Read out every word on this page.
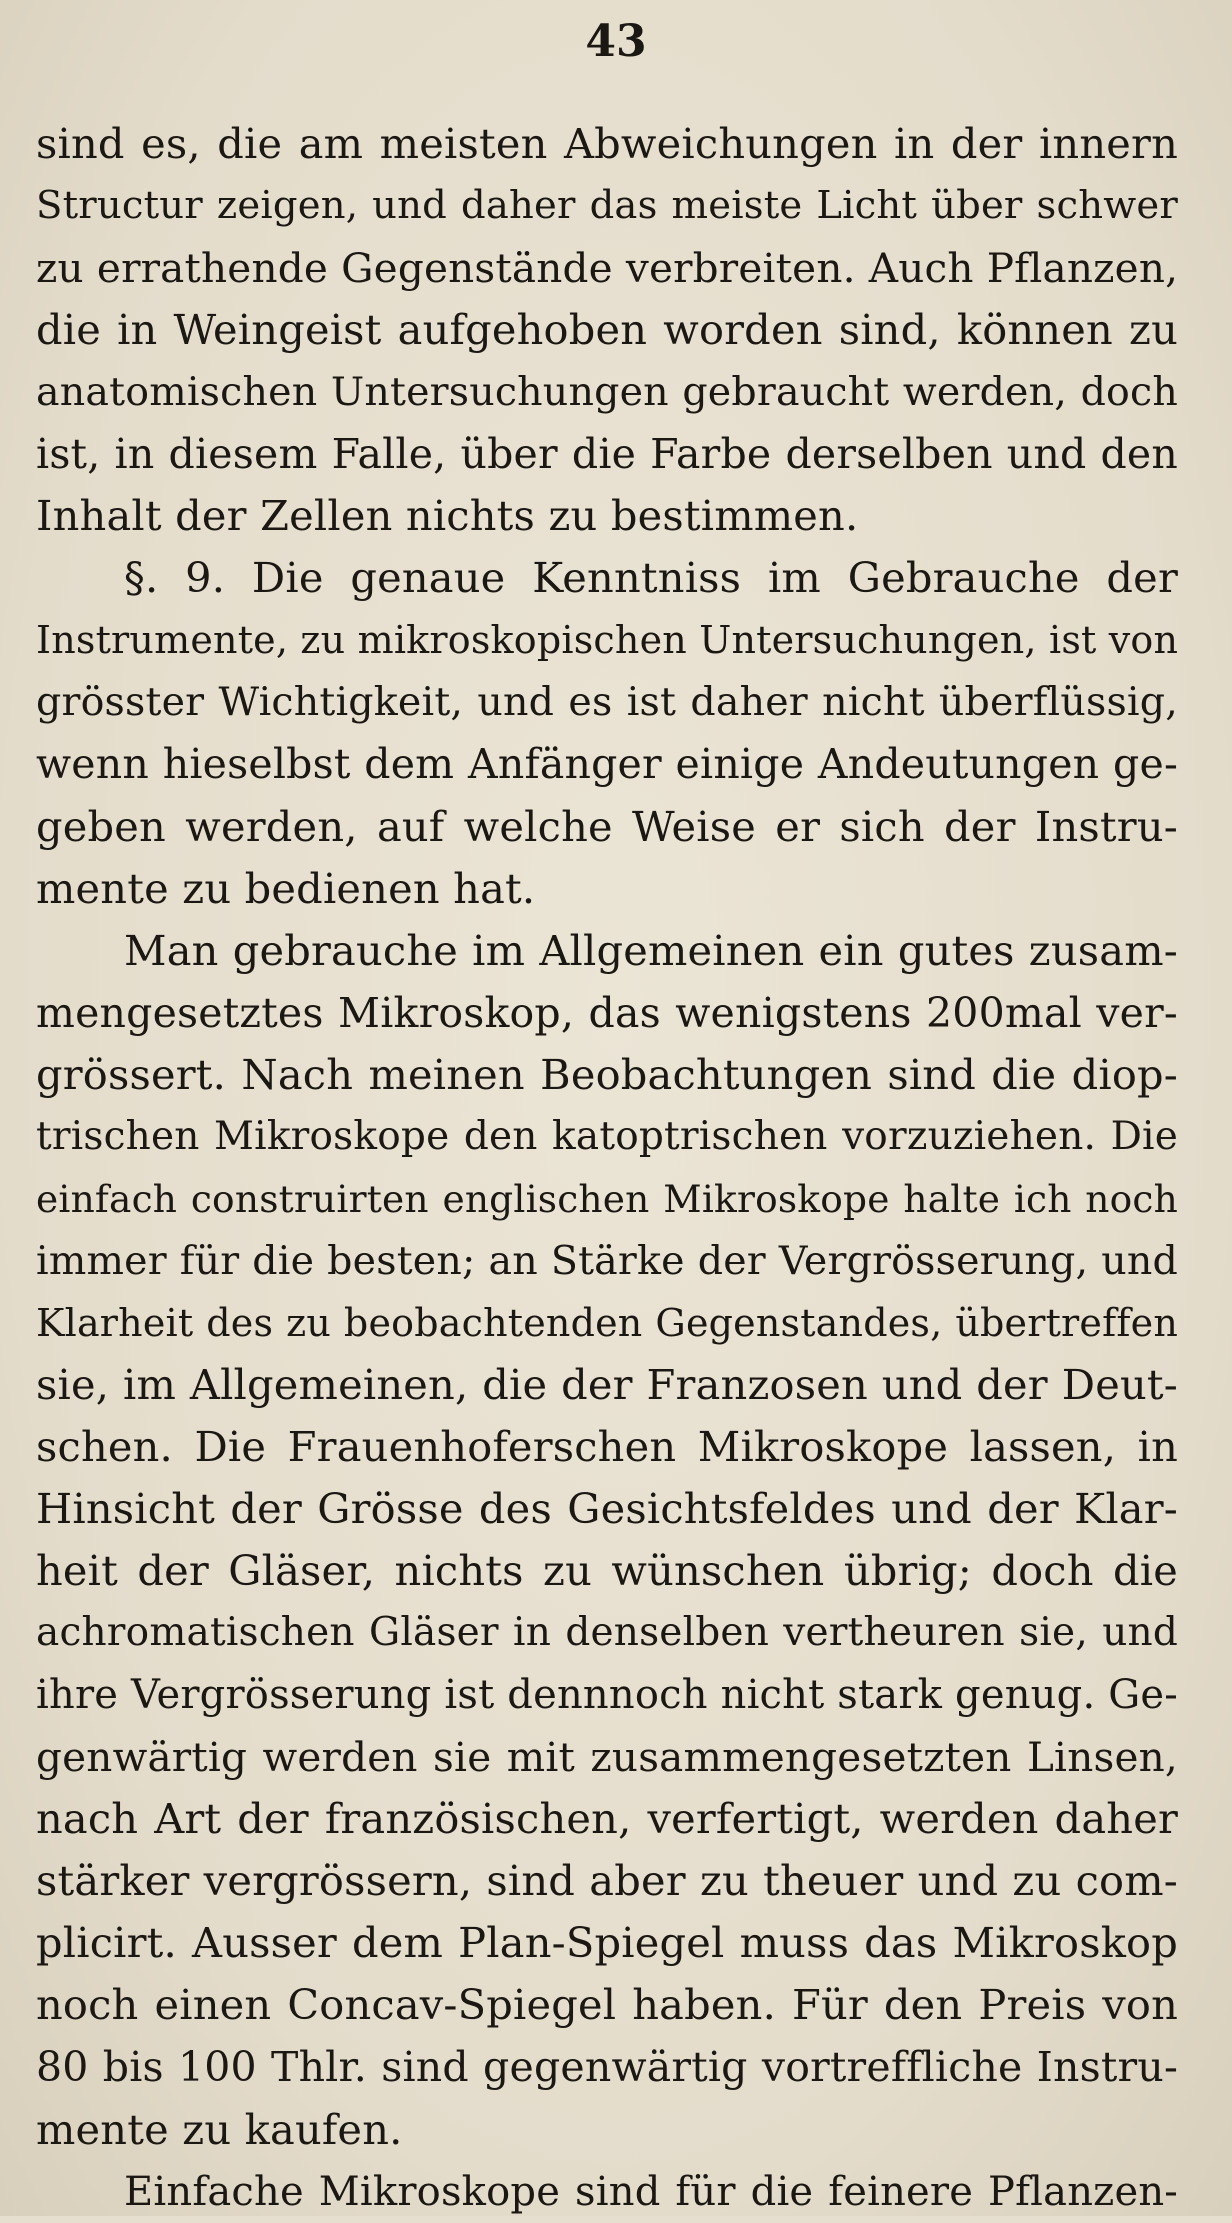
43
sind es, die am meisten Abweichungen in der innern
Structur zeigen, und daher das meiste Licht über schwer
zu errathende Gegenstände verbreiten. Auch Pflanzen,
die in Weingeist aufgehoben worden sind, können zu
anatomischen Untersuchungen gebraucht werden, doch
ist, in diesem Falle, über die Farbe derselben und den
Inhalt der Zellen nichts zu bestimmen.
§. 9. Die genaue Kenntniss im Gebrauche der
Instrumente, zu mikroskopischen Untersuchungen, ist von
grösster Wichtigkeit, und es ist daher nicht überflüssig,
wenn hieselbst dem Anfänger einige Andeutungen ge-
geben werden, auf welche Weise er sich der Instru-
mente zu bedienen hat.
Man gebrauche im Allgemeinen ein gutes zusam-
mengesetztes Mikroskop, das wenigstens 200mal ver-
grössert. Nach meinen Beobachtungen sind die diop-
trischen Mikroskope den katoptrischen vorzuziehen. Die
einfach construirten englischen Mikroskope halte ich noch
immer für die besten; an Stärke der Vergrösserung, und
Klarheit des zu beobachtenden Gegenstandes, übertreffen
sie, im Allgemeinen, die der Franzosen und der Deut-
schen. Die Frauenhoferschen Mikroskope lassen, in
Hinsicht der Grösse des Gesichtsfeldes und der Klar-
heit der Gläser, nichts zu wünschen übrig; doch die
achromatischen Gläser in denselben vertheuren sie, und
ihre Vergrösserung ist dennnoch nicht stark genug. Ge-
genwärtig werden sie mit zusammengesetzten Linsen,
nach Art der französischen, verfertigt, werden daher
stärker vergrössern, sind aber zu theuer und zu com-
plicirt. Ausser dem Plan-Spiegel muss das Mikroskop
noch einen Concav-Spiegel haben. Für den Preis von
80 bis 100 Thlr. sind gegenwärtig vortreffliche Instru-
mente zu kaufen.
Einfache Mikroskope sind für die feinere Pflanzen-
